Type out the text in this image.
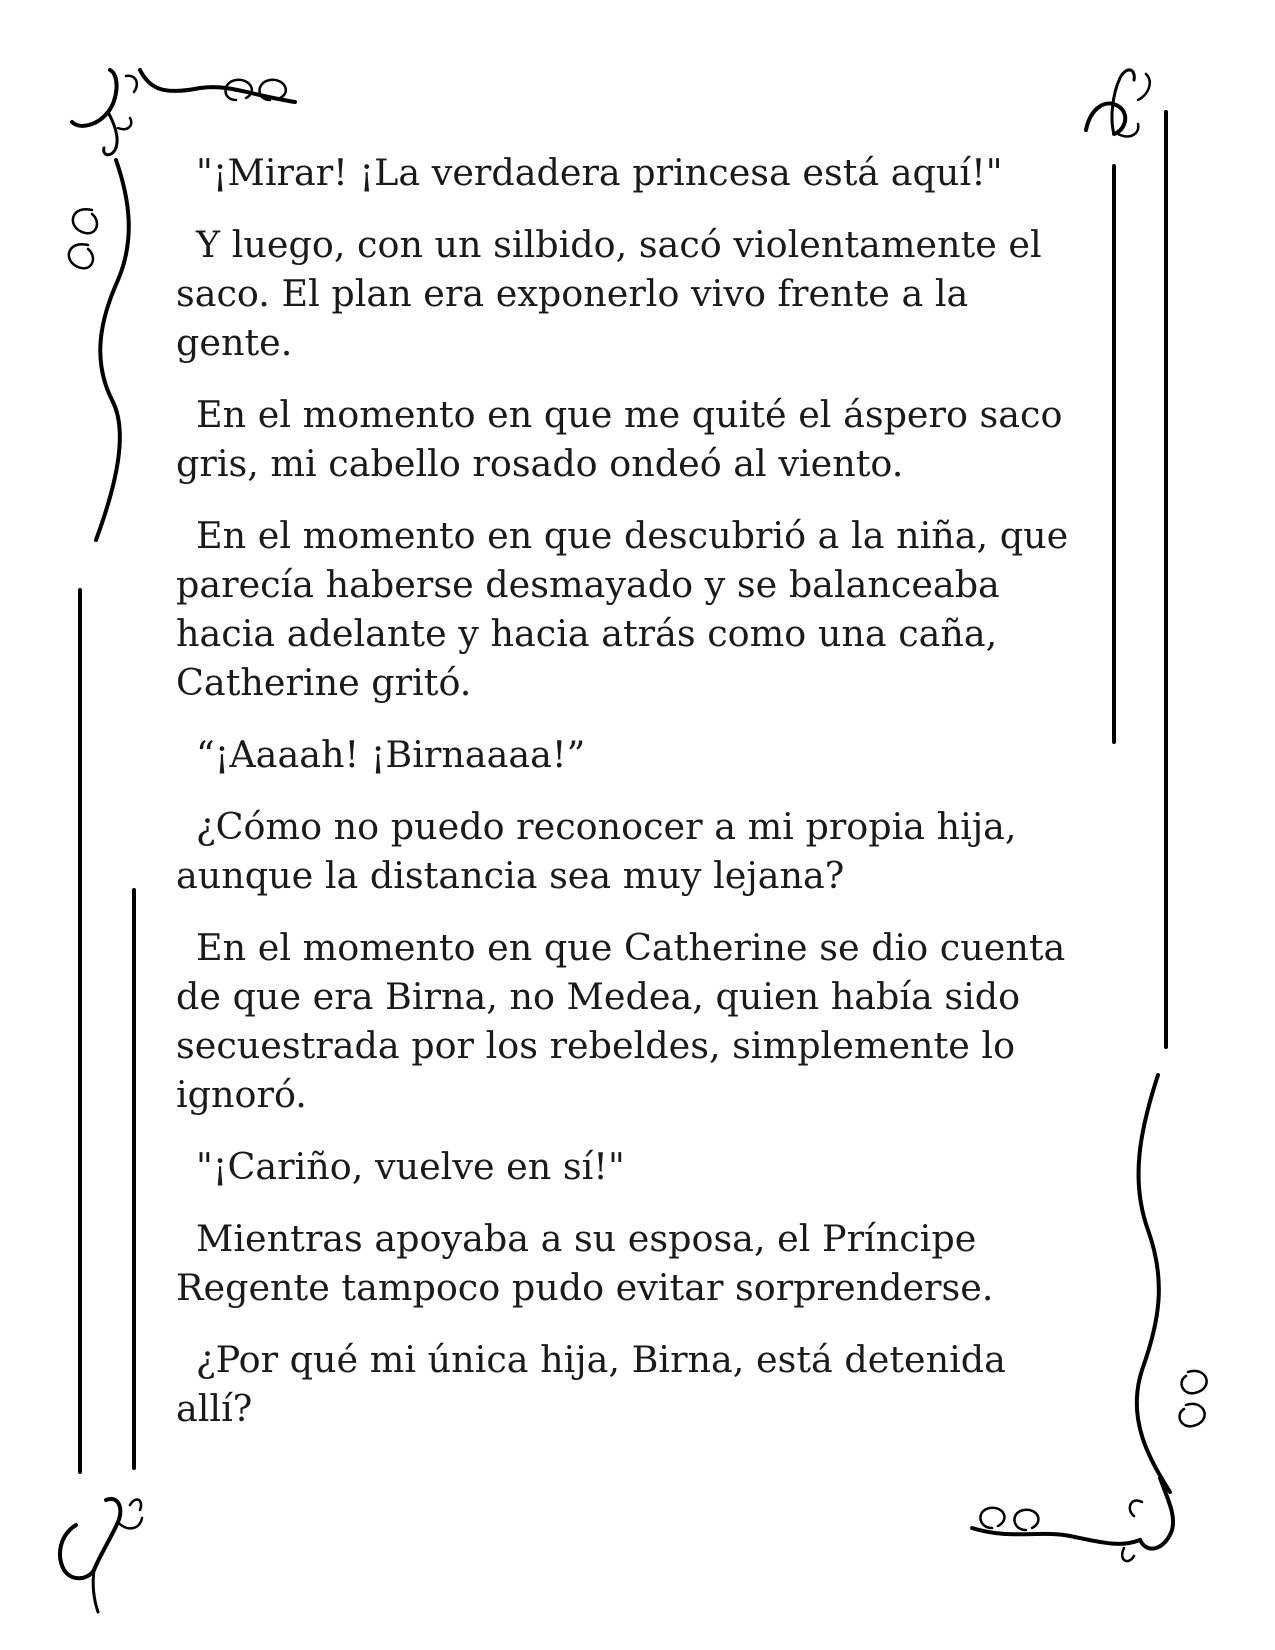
"¡Mirar! ¡La verdadera princesa está aquí!"

Y luego, con un silbido, sacó violentamente el saco. El plan era exponerlo vivo frente a la gente.

En el momento en que me quité el áspero saco gris, mi cabello rosado ondeó al viento.

En el momento en que descubrió a la niña, que parecía haberse desmayado y se balanceaba hacia adelante y hacia atrás como una caña, Catherine gritó.

“¡Aaaah! ¡Birnaaaa!”

¿Cómo no puedo reconocer a mi propia hija, aunque la distancia sea muy lejana?

En el momento en que Catherine se dio cuenta de que era Birna, no Medea, quien había sido secuestrada por los rebeldes, simplemente lo ignoró.

"¡Cariño, vuelve en sí!"

Mientras apoyaba a su esposa, el Príncipe Regente tampoco pudo evitar sorprenderse.

¿Por qué mi única hija, Birna, está detenida allí?
